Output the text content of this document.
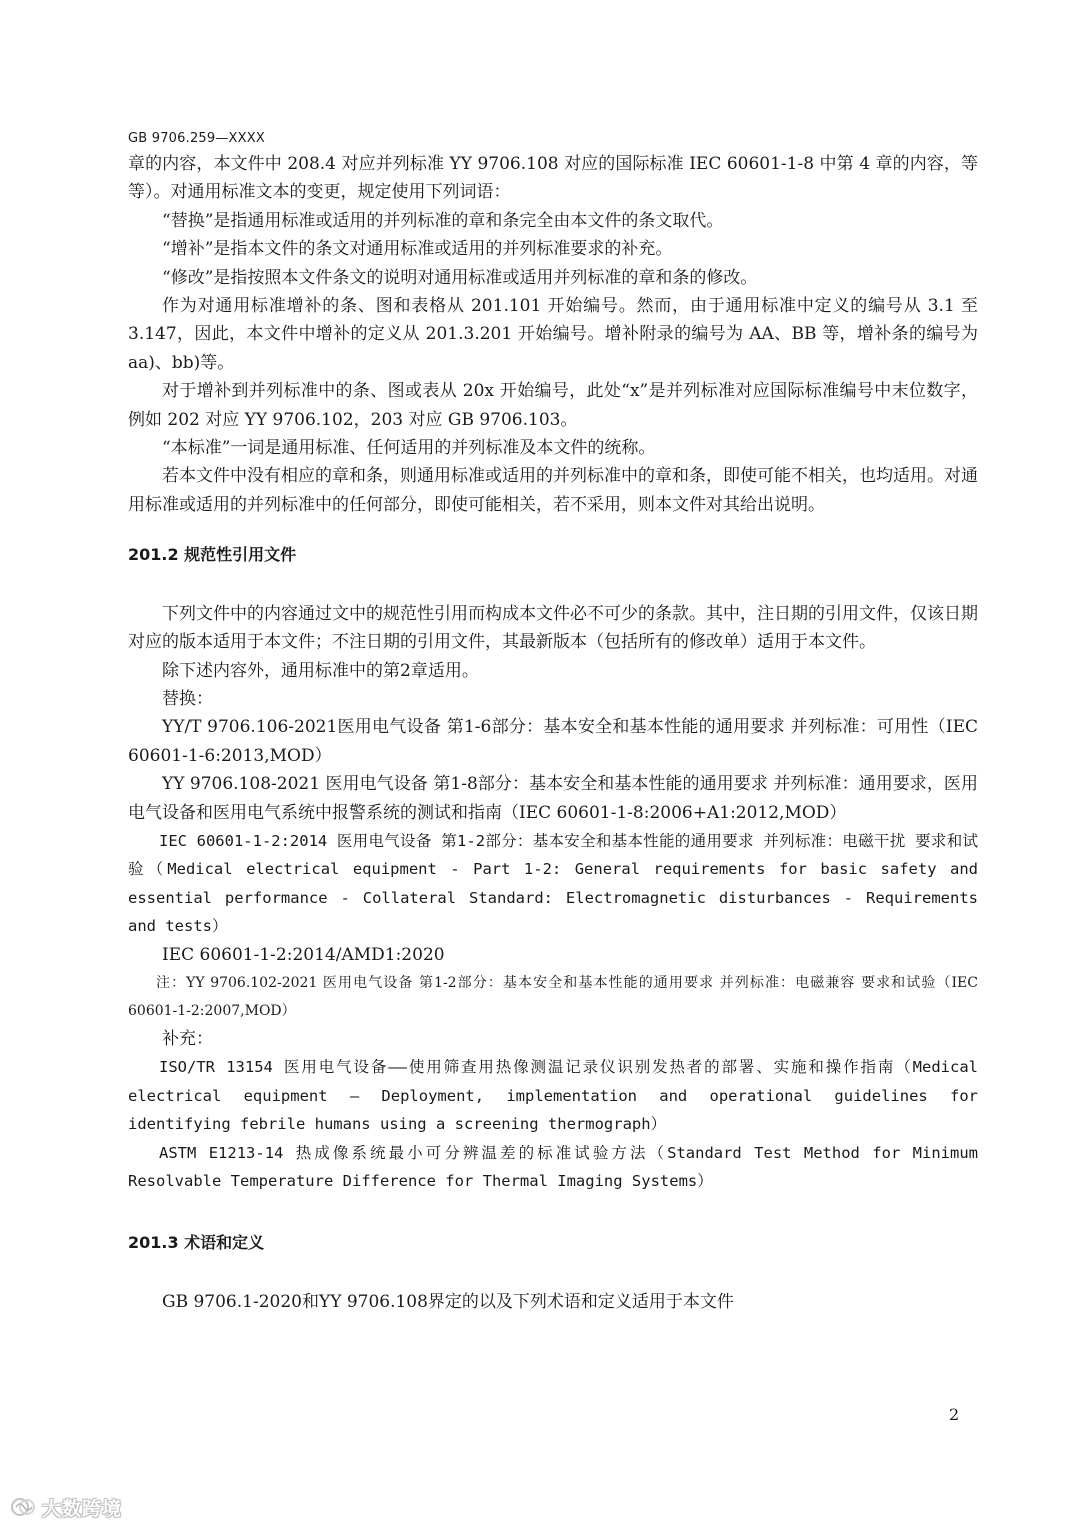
GB 9706.259—XXXX

章的内容，本文件中 208.4 对应并列标准 YY 9706.108 对应的国际标准 IEC 60601-1-8 中第 4 章的内容，等等）。对通用标准文本的变更，规定使用下列词语：

“替换”是指通用标准或适用的并列标准的章和条完全由本文件的条文取代。

“增补”是指本文件的条文对通用标准或适用的并列标准要求的补充。

“修改”是指按照本文件条文的说明对通用标准或适用并列标准的章和条的修改。

作为对通用标准增补的条、图和表格从 201.101 开始编号。然而，由于通用标准中定义的编号从 3.1 至 3.147，因此，本文件中增补的定义从 201.3.201 开始编号。增补附录的编号为 AA、BB 等，增补条的编号为 aa)、bb)等。

对于增补到并列标准中的条、图或表从 20x 开始编号，此处“x”是并列标准对应国际标准编号中末位数字，例如 202 对应 YY 9706.102，203 对应 GB 9706.103。

“本标准”一词是通用标准、任何适用的并列标准及本文件的统称。

若本文件中没有相应的章和条，则通用标准或适用的并列标准中的章和条，即使可能不相关，也均适用。对通用标准或适用的并列标准中的任何部分，即使可能相关，若不采用，则本文件对其给出说明。

201.2 规范性引用文件

下列文件中的内容通过文中的规范性引用而构成本文件必不可少的条款。其中，注日期的引用文件，仅该日期对应的版本适用于本文件；不注日期的引用文件，其最新版本（包括所有的修改单）适用于本文件。

除下述内容外，通用标准中的第2章适用。

替换：

YY/T 9706.106-2021医用电气设备 第1-6部分：基本安全和基本性能的通用要求 并列标准：可用性（IEC 60601-1-6:2013,MOD）

YY 9706.108-2021 医用电气设备 第1-8部分：基本安全和基本性能的通用要求 并列标准：通用要求，医用电气设备和医用电气系统中报警系统的测试和指南（IEC 60601-1-8:2006+A1:2012,MOD）

IEC 60601-1-2:2014 医用电气设备 第1-2部分：基本安全和基本性能的通用要求 并列标准：电磁干扰 要求和试验（Medical electrical equipment - Part 1-2: General requirements for basic safety and essential performance - Collateral Standard: Electromagnetic disturbances - Requirements and tests）

IEC 60601-1-2:2014/AMD1:2020

注：YY 9706.102-2021 医用电气设备 第1-2部分：基本安全和基本性能的通用要求 并列标准：电磁兼容 要求和试验（IEC 60601-1-2:2007,MOD）

补充：

ISO/TR 13154 医用电气设备——使用筛查用热像测温记录仪识别发热者的部署、实施和操作指南（Medical electrical equipment – Deployment, implementation and operational guidelines for identifying febrile humans using a screening thermograph）

ASTM E1213-14 热成像系统最小可分辨温差的标准试验方法（Standard Test Method for Minimum Resolvable Temperature Difference for Thermal Imaging Systems）

201.3 术语和定义

GB 9706.1-2020和YY 9706.108界定的以及下列术语和定义适用于本文件

2
大数跨境
